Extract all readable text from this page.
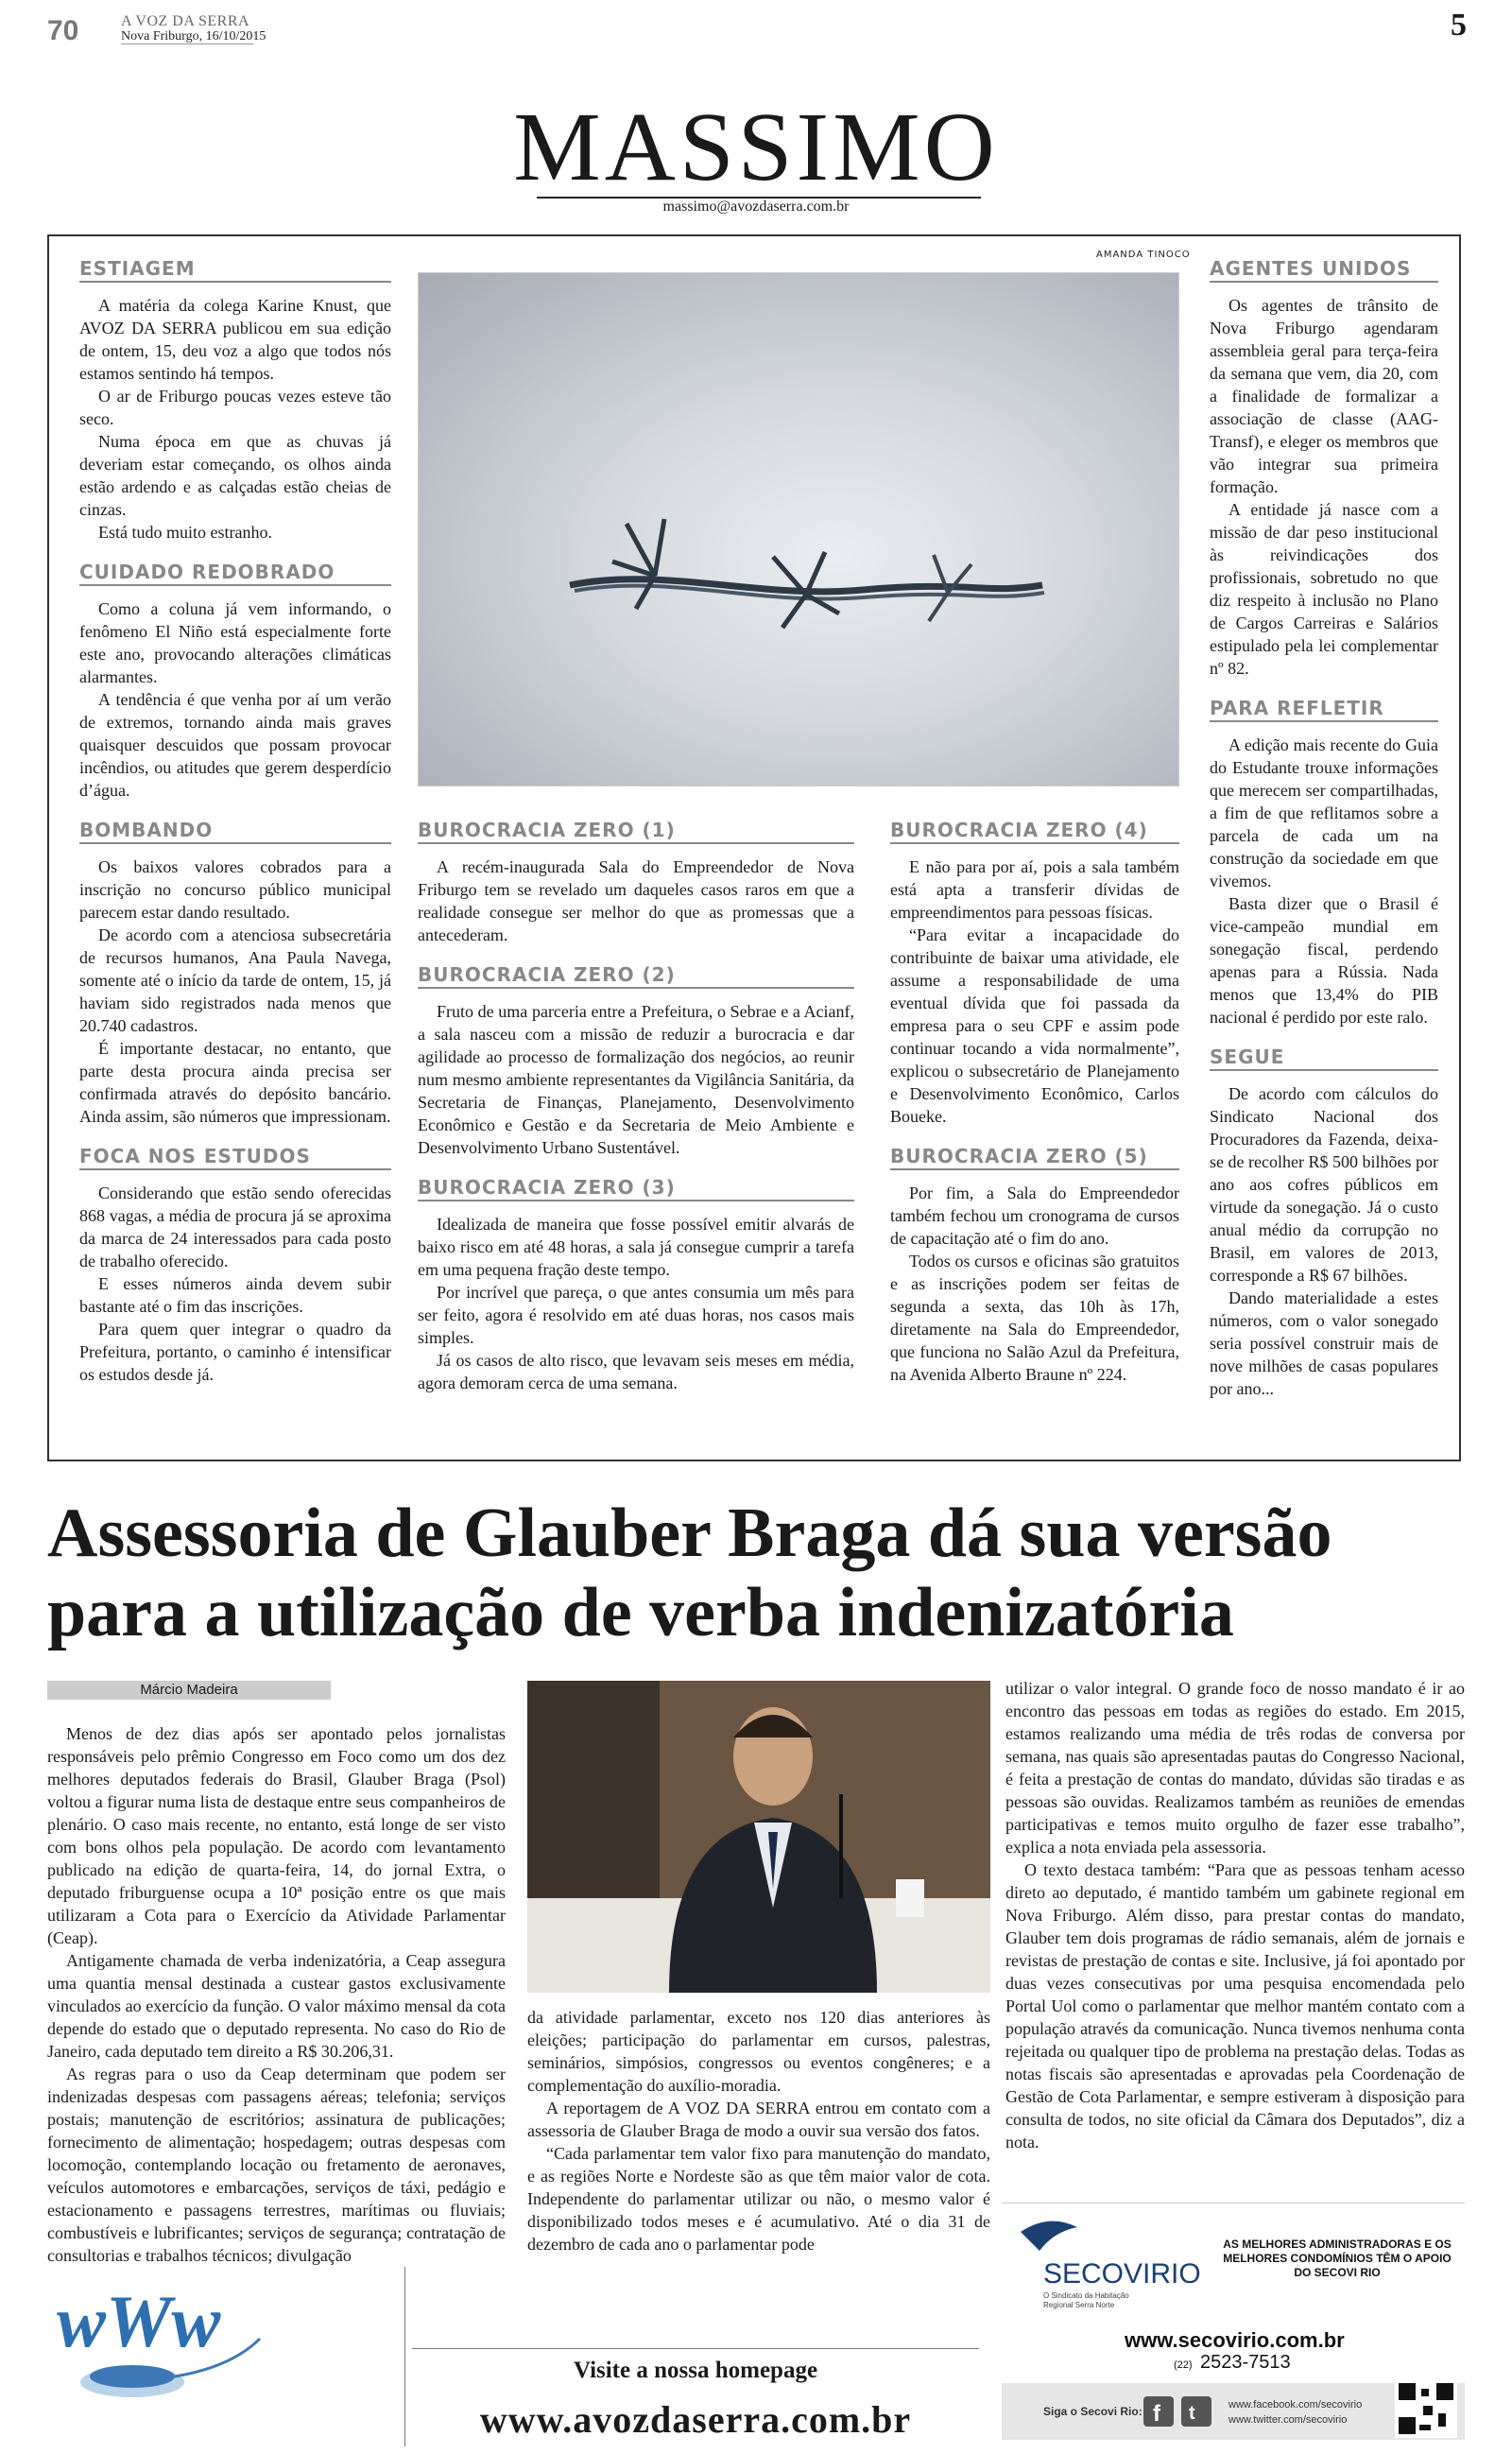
70	A VOZ DA SERRA
Nova Friburgo, 16/10/2015	5
MASSIMO
massimo@avozdaserra.com.br
ESTIAGEM

A matéria da colega Karine Knust, que AVOZ DA SERRA publicou em sua edição de ontem, 15, deu voz a algo que todos nós estamos sentindo há tempos.

O ar de Friburgo poucas vezes esteve tão seco.

Numa época em que as chuvas já deveriam estar começando, os olhos ainda estão ardendo e as calçadas estão cheias de cinzas.

Está tudo muito estranho.

CUIDADO REDOBRADO

Como a coluna já vem informando, o fenômeno El Niño está especialmente forte este ano, provocando alterações climáticas alarmantes.

A tendência é que venha por aí um verão de extremos, tornando ainda mais graves quaisquer descuidos que possam provocar incêndios, ou atitudes que gerem desperdício d’água.

BOMBANDO

Os baixos valores cobrados para a inscrição no concurso público municipal parecem estar dando resultado.

De acordo com a atenciosa subsecretária de recursos humanos, Ana Paula Navega, somente até o início da tarde de ontem, 15, já haviam sido registrados nada menos que 20.740 cadastros.

É importante destacar, no entanto, que parte desta procura ainda precisa ser confirmada através do depósito bancário. Ainda assim, são números que impressionam.

FOCA NOS ESTUDOS

Considerando que estão sendo oferecidas 868 vagas, a média de procura já se aproxima da marca de 24 interessados para cada posto de trabalho oferecido.

E esses números ainda devem subir bastante até o fim das inscrições.

Para quem quer integrar o quadro da Prefeitura, portanto, o caminho é intensificar os estudos desde já.

BUROCRACIA ZERO (1)

A recém-inaugurada Sala do Empreendedor de Nova Friburgo tem se revelado um daqueles casos raros em que a realidade consegue ser melhor do que as promessas que a antecederam.

BUROCRACIA ZERO (2)

Fruto de uma parceria entre a Prefeitura, o Sebrae e a Acianf, a sala nasceu com a missão de reduzir a burocracia e dar agilidade ao processo de formalização dos negócios, ao reunir num mesmo ambiente representantes da Vigilância Sanitária, da Secretaria de Finanças, Planejamento, Desenvolvimento Econômico e Gestão e da Secretaria de Meio Ambiente e Desenvolvimento Urbano Sustentável.

BUROCRACIA ZERO (3)

Idealizada de maneira que fosse possível emitir alvarás de baixo risco em até 48 horas, a sala já consegue cumprir a tarefa em uma pequena fração deste tempo.

Por incrível que pareça, o que antes consumia um mês para ser feito, agora é resolvido em até duas horas, nos casos mais simples.

Já os casos de alto risco, que levavam seis meses em média, agora demoram cerca de uma semana.

BUROCRACIA ZERO (4)

E não para por aí, pois a sala também está apta a transferir dívidas de empreendimentos para pessoas físicas.

“Para evitar a incapacidade do contribuinte de baixar uma atividade, ele assume a responsabilidade de uma eventual dívida que foi passada da empresa para o seu CPF e assim pode continuar tocando a vida normalmente”, explicou o subsecretário de Planejamento e Desenvolvimento Econômico, Carlos Boueke.

BUROCRACIA ZERO (5)

Por fim, a Sala do Empreendedor também fechou um cronograma de cursos de capacitação até o fim do ano.

Todos os cursos e oficinas são gratuitos e as inscrições podem ser feitas de segunda a sexta, das 10h às 17h, diretamente na Sala do Empreendedor, que funciona no Salão Azul da Prefeitura, na Avenida Alberto Braune nº 224.

AGENTES UNIDOS

Os agentes de trânsito de Nova Friburgo agendaram assembleia geral para terça-feira da semana que vem, dia 20, com a finalidade de formalizar a associação de classe (AAG-Transf), e eleger os membros que vão integrar sua primeira formação.

A entidade já nasce com a missão de dar peso institucional às reivindicações dos profissionais, sobretudo no que diz respeito à inclusão no Plano de Cargos Carreiras e Salários estipulado pela lei complementar nº 82.

PARA REFLETIR

A edição mais recente do Guia do Estudante trouxe informações que merecem ser compartilhadas, a fim de que reflitamos sobre a parcela de cada um na construção da sociedade em que vivemos.

Basta dizer que o Brasil é vice-campeão mundial em sonegação fiscal, perdendo apenas para a Rússia. Nada menos que 13,4% do PIB nacional é perdido por este ralo.

SEGUE

De acordo com cálculos do Sindicato Nacional dos Procuradores da Fazenda, deixa-se de recolher R$ 500 bilhões por ano aos cofres públicos em virtude da sonegação. Já o custo anual médio da corrupção no Brasil, em valores de 2013, corresponde a R$ 67 bilhões.

Dando materialidade a estes números, com o valor sonegado seria possível construir mais de nove milhões de casas populares por ano...

AMANDA TINOCO
Assessoria de Glauber Braga dá sua versão para a utilização de verba indenizatória
Márcio Madeira

Menos de dez dias após ser apontado pelos jornalistas responsáveis pelo prêmio Congresso em Foco como um dos dez melhores deputados federais do Brasil, Glauber Braga (Psol) voltou a figurar numa lista de destaque entre seus companheiros de plenário. O caso mais recente, no entanto, está longe de ser visto com bons olhos pela população. De acordo com levantamento publicado na edição de quarta-feira, 14, do jornal Extra, o deputado friburguense ocupa a 10ª posição entre os que mais utilizaram a Cota para o Exercício da Atividade Parlamentar (Ceap).

Antigamente chamada de verba indenizatória, a Ceap assegura uma quantia mensal destinada a custear gastos exclusivamente vinculados ao exercício da função. O valor máximo mensal da cota depende do estado que o deputado representa. No caso do Rio de Janeiro, cada deputado tem direito a R$ 30.206,31.

As regras para o uso da Ceap determinam que podem ser indenizadas despesas com passagens aéreas; telefonia; serviços postais; manutenção de escritórios; assinatura de publicações; fornecimento de alimentação; hospedagem; outras despesas com locomoção, contemplando locação ou fretamento de aeronaves, veículos automotores e embarcações, serviços de táxi, pedágio e estacionamento e passagens terrestres, marítimas ou fluviais; combustíveis e lubrificantes; serviços de segurança; contratação de consultorias e trabalhos técnicos; divulgação

da atividade parlamentar, exceto nos 120 dias anteriores às eleições; participação do parlamentar em cursos, palestras, seminários, simpósios, congressos ou eventos congêneres; e a complementação do auxílio-moradia.

A reportagem de A VOZ DA SERRA entrou em contato com a assessoria de Glauber Braga de modo a ouvir sua versão dos fatos.

“Cada parlamentar tem valor fixo para manutenção do mandato, e as regiões Norte e Nordeste são as que têm maior valor de cota. Independente do parlamentar utilizar ou não, o mesmo valor é disponibilizado todos meses e é acumulativo. Até o dia 31 de dezembro de cada ano o parlamentar pode

utilizar o valor integral. O grande foco de nosso mandato é ir ao encontro das pessoas em todas as regiões do estado. Em 2015, estamos realizando uma média de três rodas de conversa por semana, nas quais são apresentadas pautas do Congresso Nacional, é feita a prestação de contas do mandato, dúvidas são tiradas e as pessoas são ouvidas. Realizamos também as reuniões de emendas participativas e temos muito orgulho de fazer esse trabalho”, explica a nota enviada pela assessoria.

O texto destaca também: “Para que as pessoas tenham acesso direto ao deputado, é mantido também um gabinete regional em Nova Friburgo. Além disso, para prestar contas do mandato, Glauber tem dois programas de rádio semanais, além de jornais e revistas de prestação de contas e site. Inclusive, já foi apontado por duas vezes consecutivas por uma pesquisa encomendada pelo Portal Uol como o parlamentar que melhor mantém contato com a população através da comunicação. Nunca tivemos nenhuma conta rejeitada ou qualquer tipo de problema na prestação delas. Todas as notas fiscais são apresentadas e aprovadas pela Coordenação de Gestão de Cota Parlamentar, e sempre estiveram à disposição para consulta de todos, no site oficial da Câmara dos Deputados”, diz a nota.

wWw
Visite a nossa homepage
www.avozdaserra.com.br
SECOVIRIO
O Sindicato da Habitação
Regional Serra Norte
AS MELHORES ADMINISTRADORAS E OS MELHORES CONDOMÍNIOS TÊM O APOIO DO SECOVI RIO
www.secovirio.com.br
(22) 2523-7513
Siga o Secovi Rio: f t	www.facebook.com/secovirio
www.twitter.com/secovirio
